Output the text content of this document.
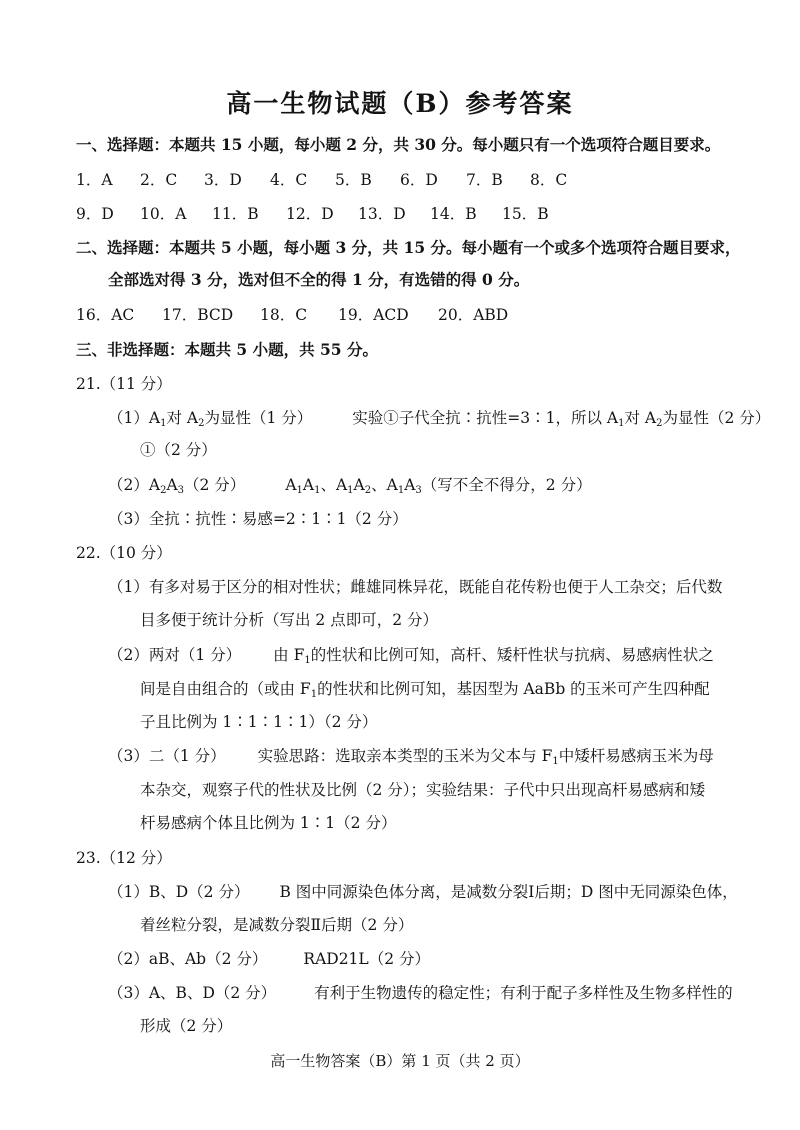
高一生物试题（B）参考答案
一、选择题：本题共 15 小题，每小题 2 分，共 30 分。每小题只有一个选项符合题目要求。
1．A 2．C 3．D 4．C 5．B 6．D 7．B 8．C
9．D 10．A 11．B 12．D 13．D 14．B 15．B
二、选择题：本题共 5 小题，每小题 3 分，共 15 分。每小题有一个或多个选项符合题目要求，
全部选对得 3 分，选对但不全的得 1 分，有选错的得 0 分。
16．AC 17．BCD 18．C 19．ACD 20．ABD
三、非选择题：本题共 5 小题，共 55 分。
21.（11 分）
$(1)A_1$对 $A_2$为显性（1 分）	实验①子代全抗∶抗性=3∶1，所以 $A_1$对 $A_2$为显性（2 分）
①（2 分）
$(2)A_2A_3(2$ 分）	$A_1A_1$、$A_1A_2$、$A_1A_3$（写不全不得分，2 分）
（3）全抗∶抗性∶易感=2∶1∶1（2 分）
22.（10 分）
（1）有多对易于区分的相对性状；雌雄同株异花，既能自花传粉也便于人工杂交；后代数
目多便于统计分析（写出 2 点即可，2 分）
（2）两对（1 分） 由 $F_1$的性状和比例可知，高杆、矮杆性状与抗病、易感病性状之
间是自由组合的（或由 $F_1$的性状和比例可知，基因型为 AaBb 的玉米可产生四种配
子且比例为 1∶1∶1∶1）（2 分）
（3）二（1 分） 实验思路：选取亲本类型的玉米为父本与 $F_1$中矮杆易感病玉米为母
本杂交，观察子代的性状及比例（2 分）；实验结果：子代中只出现高杆易感病和矮
杆易感病个体且比例为 1∶1（2 分）
23.（12 分）
（1）B、D（2 分） B 图中同源染色体分离，是减数分裂Ⅰ后期；D 图中无同源染色体，
着丝粒分裂，是减数分裂Ⅱ后期（2 分）
（2）aB、Ab（2 分） RAD21L（2 分）
（3）A、B、D（2 分） 有利于生物遗传的稳定性；有利于配子多样性及生物多样性的
形成（2 分）
高一生物答案（B）第 1 页（共 2 页）
